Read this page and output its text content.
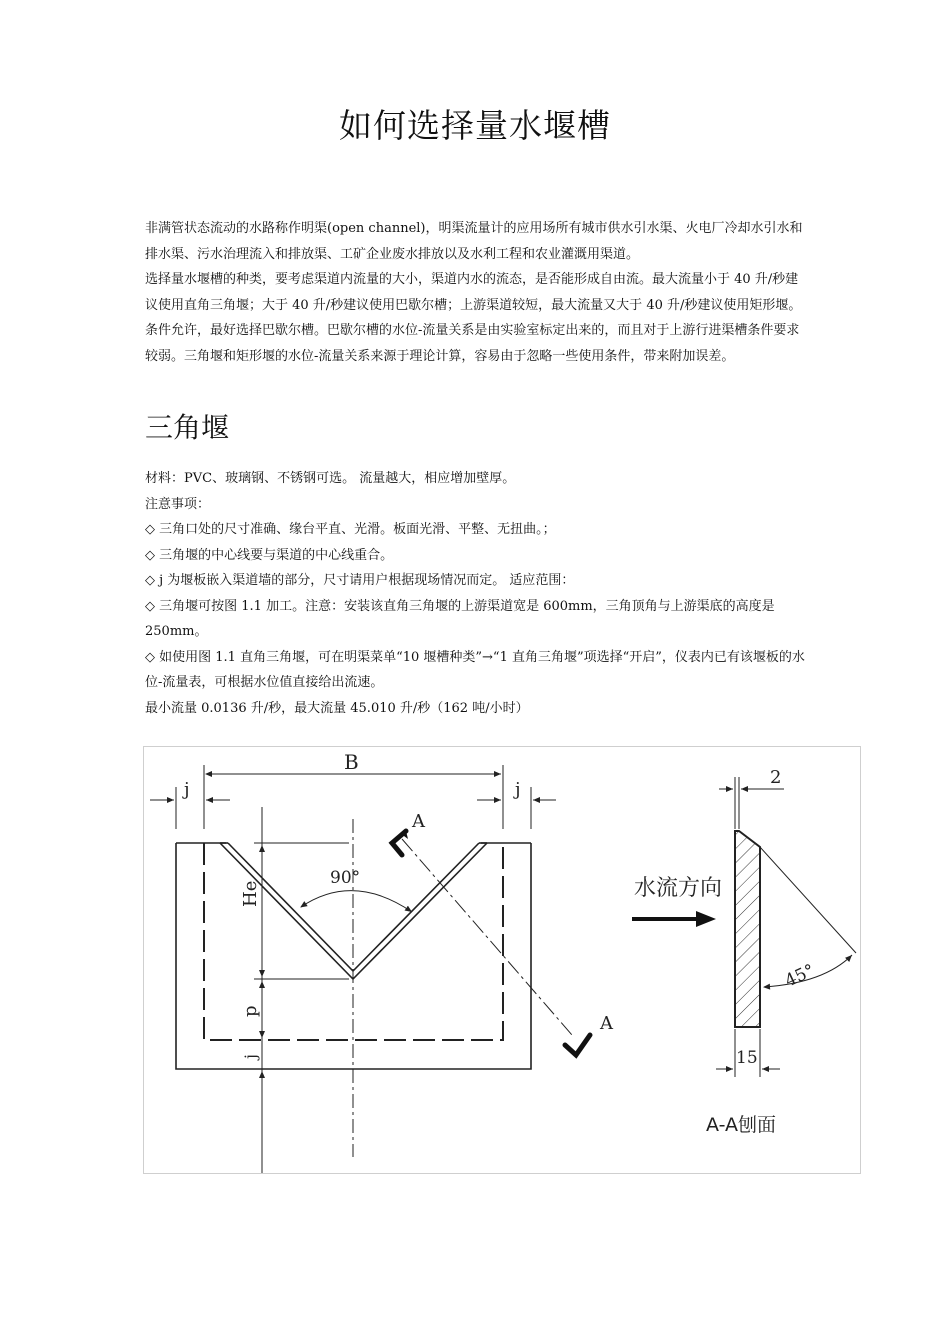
如何选择量水堰槽

非满管状态流动的水路称作明渠(open channel)，明渠流量计的应用场所有城市供水引水渠、火电厂冷却水引水和排水渠、污水治理流入和排放渠、工矿企业废水排放以及水利工程和农业灌溉用渠道。

选择量水堰槽的种类，要考虑渠道内流量的大小，渠道内水的流态，是否能形成自由流。最大流量小于 40 升/秒建议使用直角三角堰；大于 40 升/秒建议使用巴歇尔槽；上游渠道较短，最大流量又大于 40 升/秒建议使用矩形堰。

条件允许，最好选择巴歇尔槽。巴歇尔槽的水位-流量关系是由实验室标定出来的，而且对于上游行进渠槽条件要求较弱。三角堰和矩形堰的水位-流量关系来源于理论计算，容易由于忽略一些使用条件，带来附加误差。

三角堰

材料：PVC、玻璃钢、不锈钢可选。 流量越大，相应增加壁厚。

注意事项：

◇ 三角口处的尺寸准确、缘台平直、光滑。板面光滑、平整、无扭曲。；

◇ 三角堰的中心线要与渠道的中心线重合。

◇ j 为堰板嵌入渠道墙的部分，尺寸请用户根据现场情况而定。 适应范围：

◇ 三角堰可按图 1.1 加工。注意：安装该直角三角堰的上游渠道宽是 600mm，三角顶角与上游渠底的高度是 250mm。

◇ 如使用图 1.1 直角三角堰，可在明渠菜单“10 堰槽种类”→“1 直角三角堰”项选择“开启”，仪表内已有该堰板的水位-流量表，可根据水位值直接给出流速。

最小流量 0.0136 升/秒，最大流量 45.010 升/秒（162 吨/小时）

B
j	j
He
p
j
90°
A
A
水流方向
2
45°
15
A-A刨面
